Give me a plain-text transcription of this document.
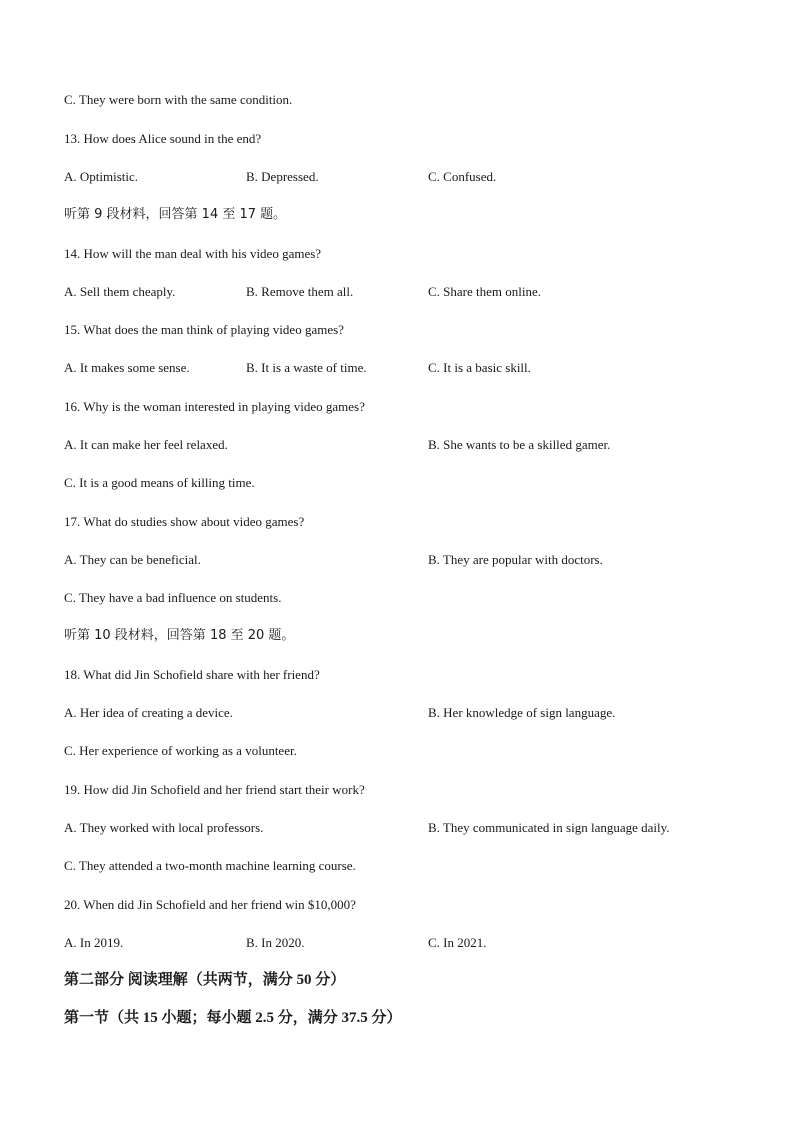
C. They were born with the same condition.
13. How does Alice sound in the end?
A. Optimistic.	B. Depressed.	C. Confused.
听第 9 段材料，回答第 14 至 17 题。
14. How will the man deal with his video games?
A. Sell them cheaply.	B. Remove them all.	C. Share them online.
15. What does the man think of playing video games?
A. It makes some sense.	B. It is a waste of time.	C. It is a basic skill.
16. Why is the woman interested in playing video games?
A. It can make her feel relaxed.	B. She wants to be a skilled gamer.
C. It is a good means of killing time.
17. What do studies show about video games?
A. They can be beneficial.	B. They are popular with doctors.
C. They have a bad influence on students.
听第 10 段材料，回答第 18 至 20 题。
18. What did Jin Schofield share with her friend?
A. Her idea of creating a device.	B. Her knowledge of sign language.
C. Her experience of working as a volunteer.
19. How did Jin Schofield and her friend start their work?
A. They worked with local professors.	B. They communicated in sign language daily.
C. They attended a two-month machine learning course.
20. When did Jin Schofield and her friend win $10,000?
A. In 2019.	B. In 2020.	C. In 2021.
第二部分 阅读理解（共两节，满分 50 分）
第一节（共 15 小题；每小题 2.5 分，满分 37.5 分）
